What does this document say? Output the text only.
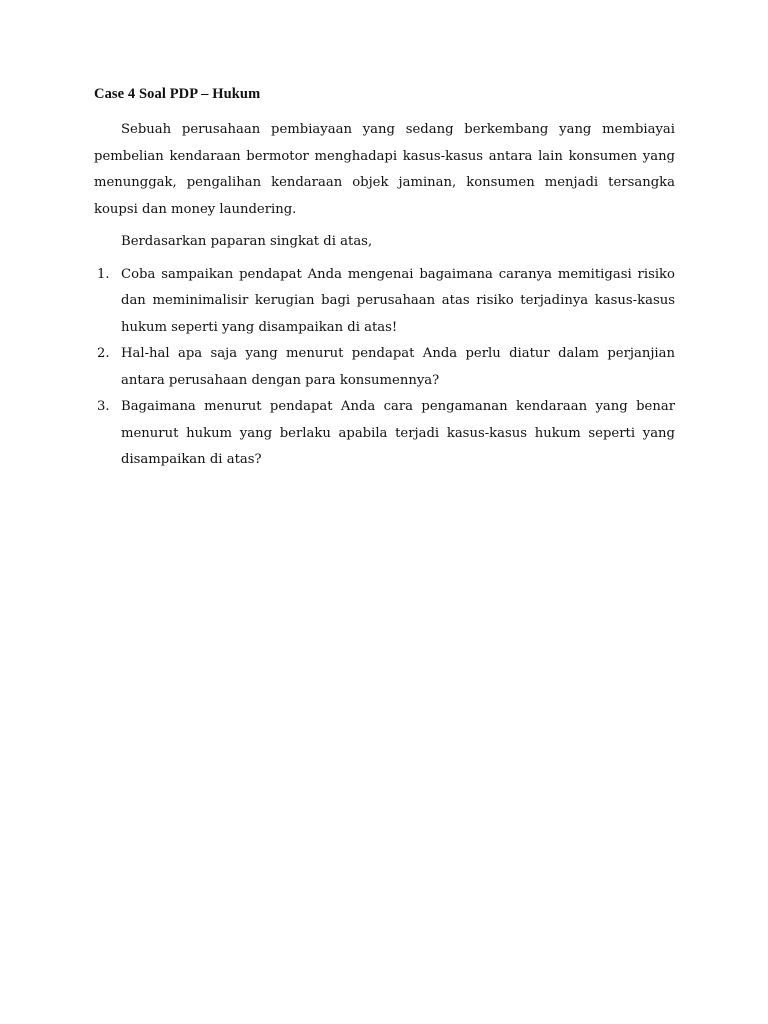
Case 4 Soal PDP – Hukum

Sebuah perusahaan pembiayaan yang sedang berkembang yang membiayai pembelian kendaraan bermotor menghadapi kasus-kasus antara lain konsumen yang menunggak, pengalihan kendaraan objek jaminan, konsumen menjadi tersangka koupsi dan money laundering.

Berdasarkan paparan singkat di atas,

1. Coba sampaikan pendapat Anda mengenai bagaimana caranya memitigasi risiko dan meminimalisir kerugian bagi perusahaan atas risiko terjadinya kasus-kasus hukum seperti yang disampaikan di atas!
2. Hal-hal apa saja yang menurut pendapat Anda perlu diatur dalam perjanjian antara perusahaan dengan para konsumennya?
3. Bagaimana menurut pendapat Anda cara pengamanan kendaraan yang benar menurut hukum yang berlaku apabila terjadi kasus-kasus hukum seperti yang disampaikan di atas?
